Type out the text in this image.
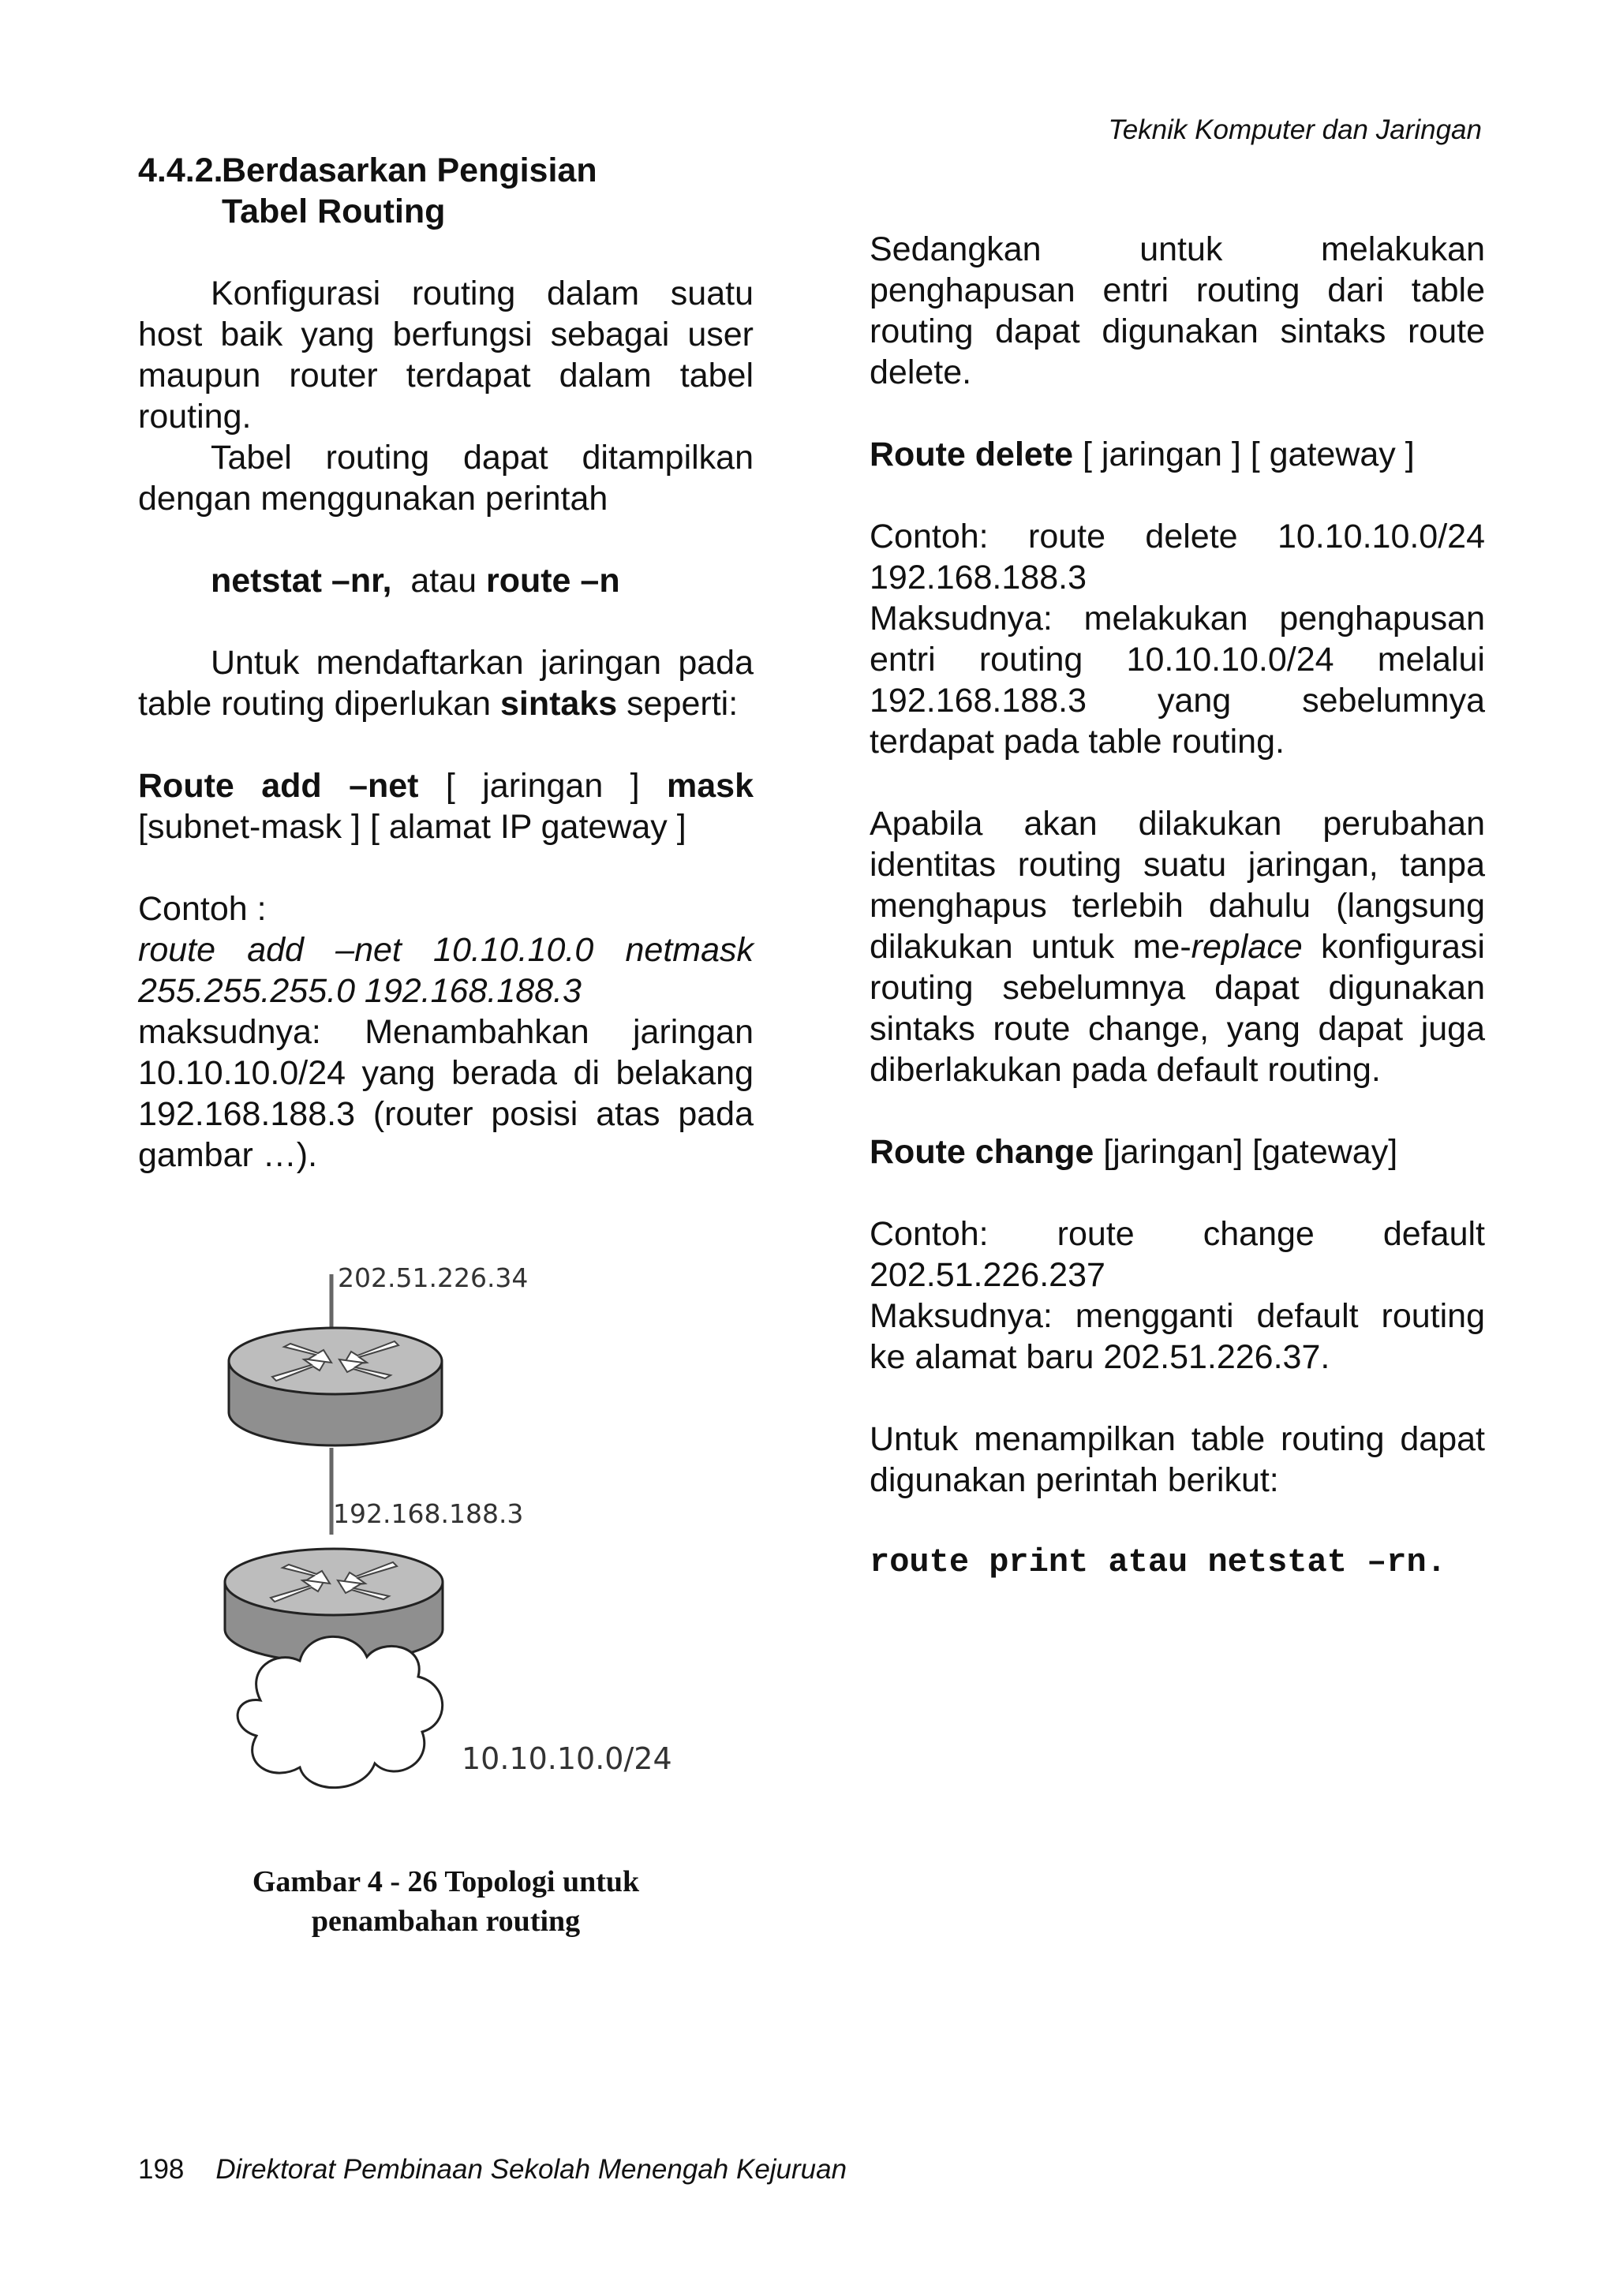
Teknik Komputer dan Jaringan
4.4.2.Berdasarkan Pengisian
Tabel Routing

Konfigurasi routing dalam suatu host baik yang berfungsi sebagai user maupun router terdapat dalam tabel routing.

Tabel routing dapat ditampilkan dengan menggunakan perintah

netstat –nr, atau route –n

Untuk mendaftarkan jaringan pada table routing diperlukan sintaks seperti:

Route add –net [ jaringan ] mask [subnet-mask ] [ alamat IP gateway ]

Contoh :

route add –net 10.10.10.0 netmask 255.255.255.0 192.168.188.3

maksudnya: Menambahkan jaringan 10.10.10.0/24 yang berada di belakang 192.168.188.3 (router posisi atas pada gambar …).

202.51.226.34
192.168.188.3
10.10.10.0/24
Gambar 4 - 26 Topologi untuk
penambahan routing

Sedangkan untuk melakukan penghapusan entri routing dari table routing dapat digunakan sintaks route delete.

Route delete [ jaringan ] [ gateway ]

Contoh: route delete 10.10.10.0/24 192.168.188.3

Maksudnya: melakukan penghapusan entri routing 10.10.10.0/24 melalui 192.168.188.3 yang sebelumnya terdapat pada table routing.

Apabila akan dilakukan perubahan identitas routing suatu jaringan, tanpa menghapus terlebih dahulu (langsung dilakukan untuk me-replace konfigurasi routing sebelumnya dapat digunakan sintaks route change, yang dapat juga diberlakukan pada default routing.

Route change [jaringan] [gateway]

Contoh: route change default 202.51.226.237

Maksudnya: mengganti default routing ke alamat baru 202.51.226.37.

Untuk menampilkan table routing dapat digunakan perintah berikut:

route print atau netstat –rn.

198 Direktorat Pembinaan Sekolah Menengah Kejuruan
